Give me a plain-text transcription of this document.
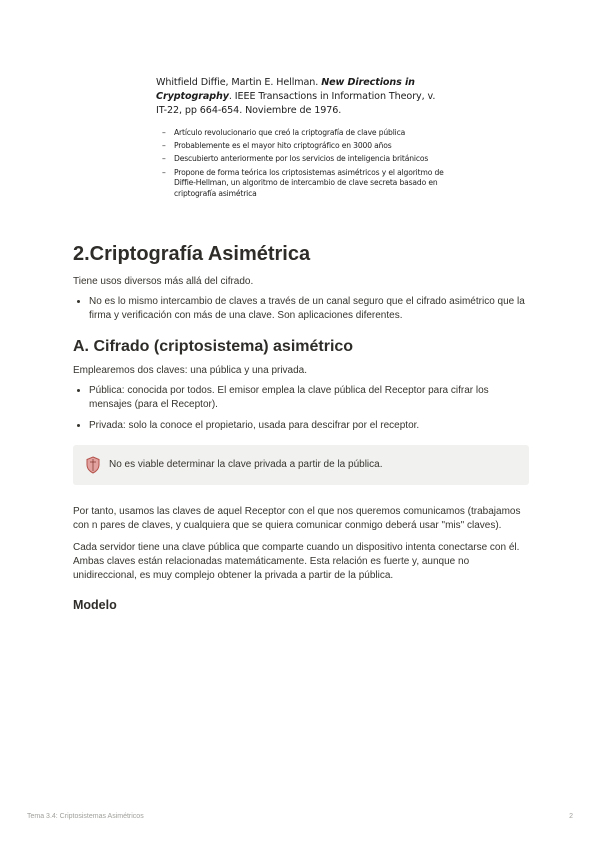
Whitfield Diffie, Martin E. Hellman. New Directions in Cryptography. IEEE Transactions in Information Theory, v. IT-22, pp 664-654. Noviembre de 1976.

– Artículo revolucionario que creó la criptografía de clave pública
– Probablemente es el mayor hito criptográfico en 3000 años
– Descubierto anteriormente por los servicios de inteligencia británicos
– Propone de forma teórica los criptosistemas asimétricos y el algoritmo de Diffie-Hellman, un algoritmo de intercambio de clave secreta basado en criptografía asimétrica
2.Criptografía Asimétrica

Tiene usos diversos más allá del cifrado.

• No es lo mismo intercambio de claves a través de un canal seguro que el cifrado asimétrico que la firma y verificación con más de una clave. Son aplicaciones diferentes.
A. Cifrado (criptosistema) asimétrico

Emplearemos dos claves: una pública y una privada.

• Pública: conocida por todos. El emisor emplea la clave pública del Receptor para cifrar los mensajes (para el Receptor).
• Privada: solo la conoce el propietario, usada para descifrar por el receptor.
No es viable determinar la clave privada a partir de la pública.

Por tanto, usamos las claves de aquel Receptor con el que nos queremos comunicamos (trabajamos con n pares de claves, y cualquiera que se quiera comunicar conmigo deberá usar "mis" claves).

Cada servidor tiene una clave pública que comparte cuando un dispositivo intenta conectarse con él. Ambas claves están relacionadas matemáticamente. Esta relación es fuerte y, aunque no unidireccional, es muy complejo obtener la privada a partir de la pública.

Modelo
Tema 3.4: Criptosistemas Asimétricos	2
